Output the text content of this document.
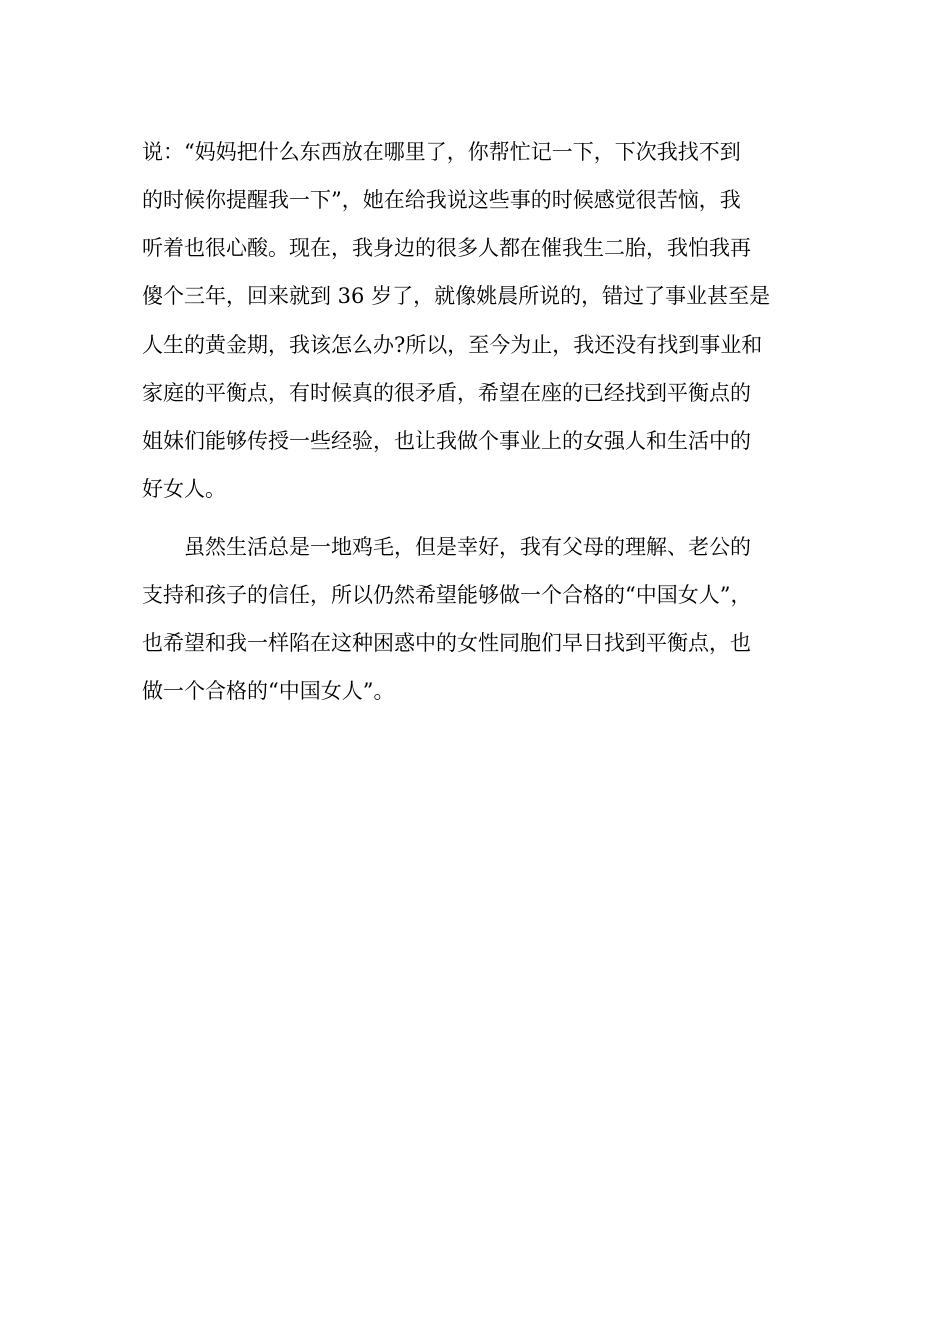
说：“妈妈把什么东西放在哪里了，你帮忙记一下，下次我找不到
的时候你提醒我一下”，她在给我说这些事的时候感觉很苦恼，我
听着也很心酸。现在，我身边的很多人都在催我生二胎，我怕我再
傻个三年，回来就到 36 岁了，就像姚晨所说的，错过了事业甚至是
人生的黄金期，我该怎么办?所以，至今为止，我还没有找到事业和
家庭的平衡点，有时候真的很矛盾，希望在座的已经找到平衡点的
姐妹们能够传授一些经验，也让我做个事业上的女强人和生活中的
好女人。
虽然生活总是一地鸡毛，但是幸好，我有父母的理解、老公的
支持和孩子的信任，所以仍然希望能够做一个合格的“中国女人”，
也希望和我一样陷在这种困惑中的女性同胞们早日找到平衡点，也
做一个合格的“中国女人”。
